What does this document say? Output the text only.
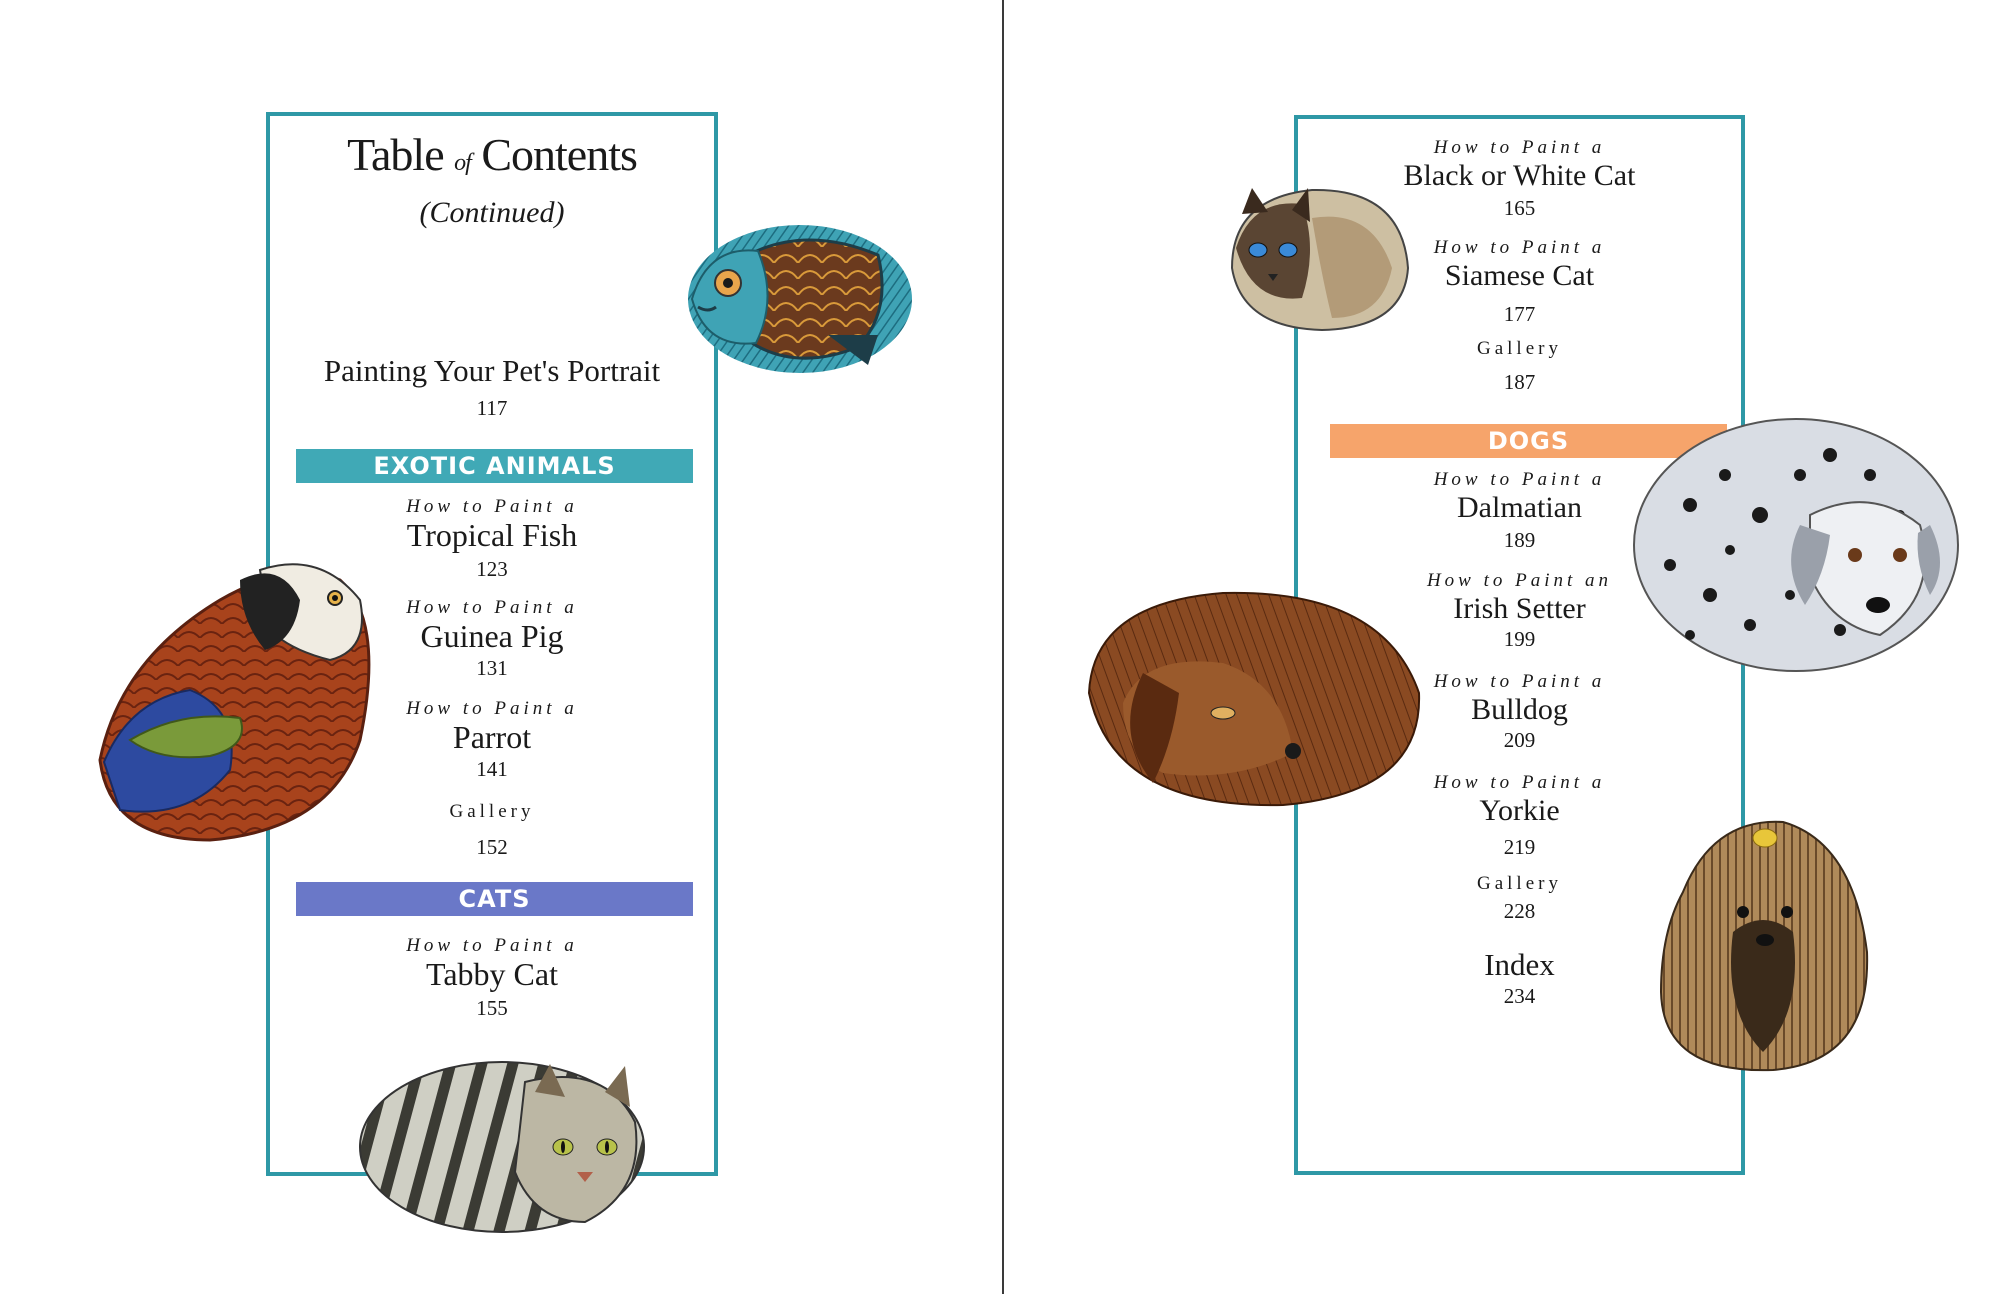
Table of Contents
(Continued)
Painting Your Pet's Portrait
117
EXOTIC ANIMALS
How to Paint a
Tropical Fish
123
How to Paint a
Guinea Pig
131
How to Paint a
Parrot
141
Gallery
152
CATS
How to Paint a
Tabby Cat
155
How to Paint a
Black or White Cat
165
How to Paint a
Siamese Cat
177
Gallery
187
DOGS
How to Paint a
Dalmatian
189
How to Paint an
Irish Setter
199
How to Paint a
Bulldog
209
How to Paint a
Yorkie
219
Gallery
228
Index
234
